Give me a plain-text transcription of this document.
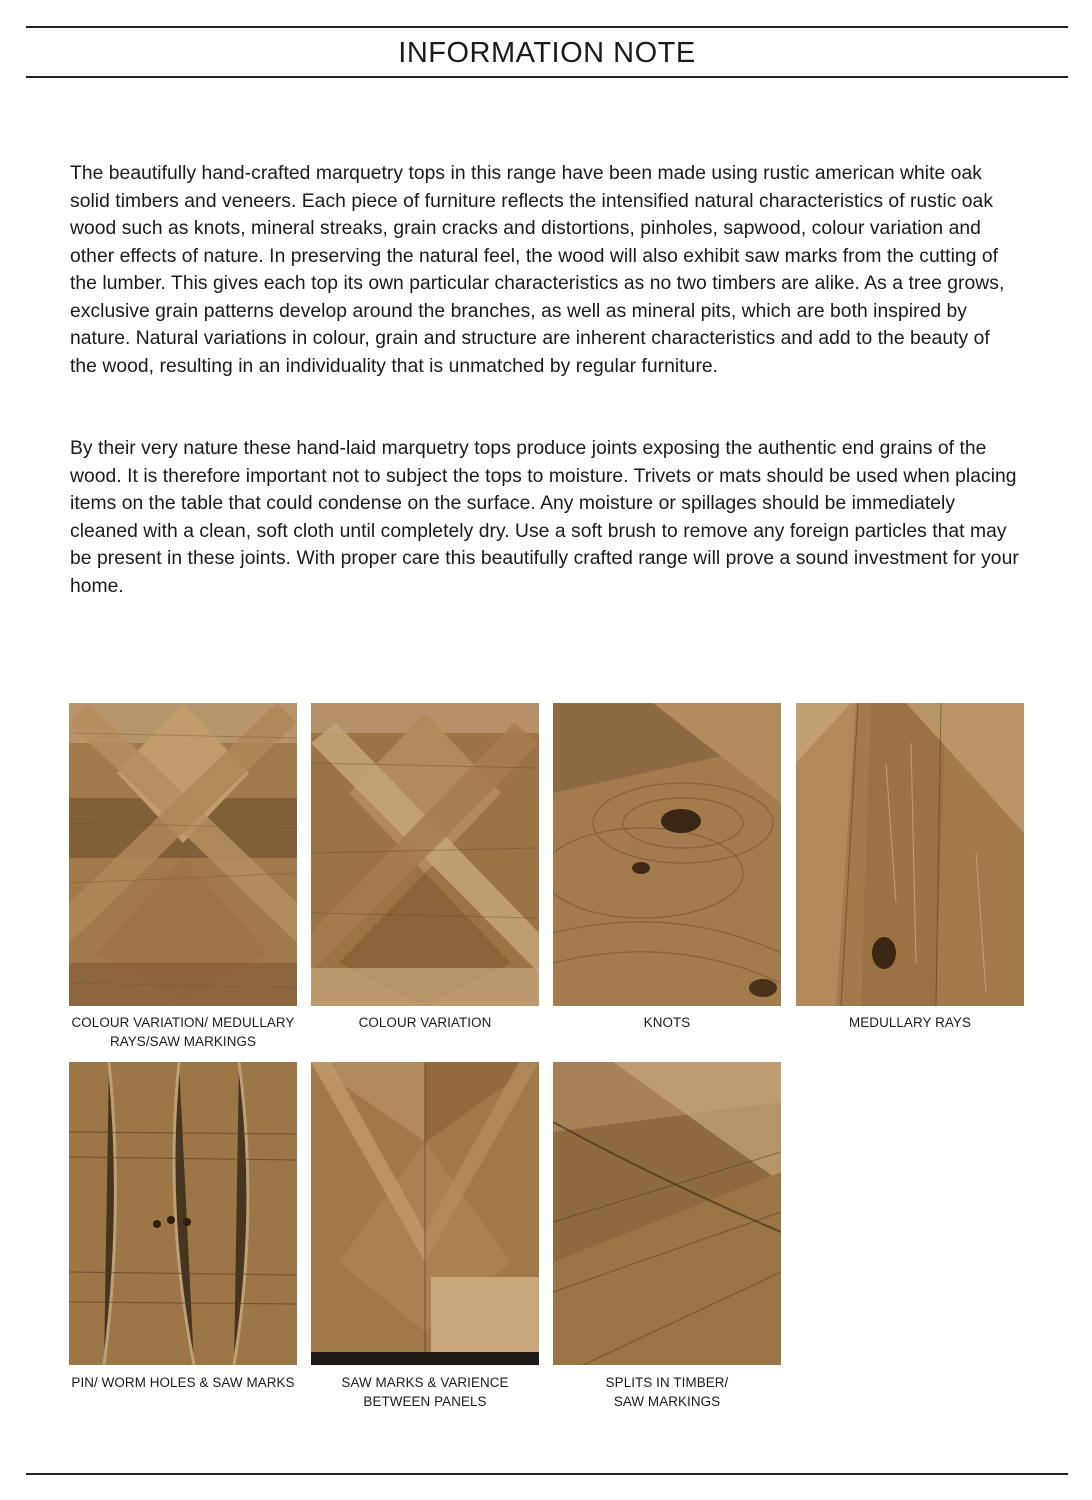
INFORMATION NOTE

The beautifully hand-crafted marquetry tops in this range have been made using rustic american white oak solid timbers and veneers. Each piece of furniture reflects the intensified natural characteristics of rustic oak wood such as knots, mineral streaks, grain cracks and distortions, pinholes, sapwood, colour variation and other effects of nature. In preserving the natural feel, the wood will also exhibit saw marks from the cutting of the lumber. This gives each top its own particular characteristics as no two timbers are alike. As a tree grows, exclusive grain patterns develop around the branches, as well as mineral pits, which are both inspired by nature. Natural variations in colour, grain and structure are inherent characteristics and add to the beauty of the wood, resulting in an individuality that is unmatched by regular furniture.

By their very nature these hand-laid marquetry tops produce joints exposing the authentic end grains of the wood. It is therefore important not to subject the tops to moisture. Trivets or mats should be used when placing items on the table that could condense on the surface. Any moisture or spillages should be immediately cleaned with a clean, soft cloth until completely dry. Use a soft brush to remove any foreign particles that may be present in these joints. With proper care this beautifully crafted range will prove a sound investment for your home.

COLOUR VARIATION/ MEDULLARY
RAYS/SAW MARKINGS
COLOUR VARIATION	KNOTS	MEDULLARY RAYS
PIN/ WORM HOLES & SAW MARKS	SAW MARKS & VARIENCE
BETWEEN PANELS
SPLITS IN TIMBER/
SAW MARKINGS
